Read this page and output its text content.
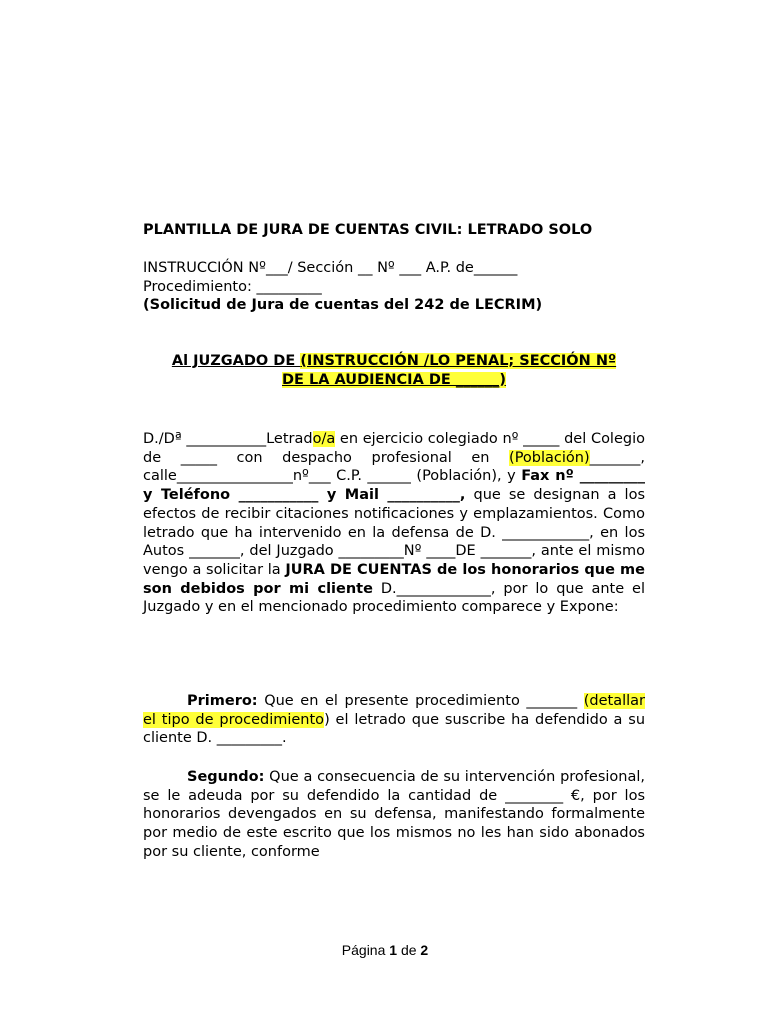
PLANTILLA DE JURA DE CUENTAS CIVIL: LETRADO SOLO
INSTRUCCIÓN Nº___/ Sección __ Nº ___ A.P. de______
Procedimiento: _________
(Solicitud de Jura de cuentas del 242 de LECRIM)
Al JUZGADO DE (INSTRUCCIÓN /LO PENAL; SECCIÓN Nº
DE LA AUDIENCIA DE ______)
D./Dª ___________Letrado/a en ejercicio colegiado nº _____ del Colegio de _____ con despacho profesional en (Población)_______, calle________________nº___ C.P. ______ (Población), y Fax nº _________ y Teléfono ___________ y Mail __________, que se designan a los efectos de recibir citaciones notificaciones y emplazamientos. Como letrado que ha intervenido en la defensa de D. ____________, en los Autos _______, del Juzgado _________Nº ____DE _______, ante el mismo vengo a solicitar la JURA DE CUENTAS de los honorarios que me son debidos por mi cliente D._____________, por lo que ante el Juzgado y en el mencionado procedimiento comparece y Expone:
Primero: Que en el presente procedimiento _______ (detallar el tipo de procedimiento) el letrado que suscribe ha defendido a su cliente D. _________.
Segundo: Que a consecuencia de su intervención profesional, se le adeuda por su defendido la cantidad de ________ €, por los honorarios devengados en su defensa, manifestando formalmente por medio de este escrito que los mismos no les han sido abonados por su cliente, conforme
Página 1 de 2
